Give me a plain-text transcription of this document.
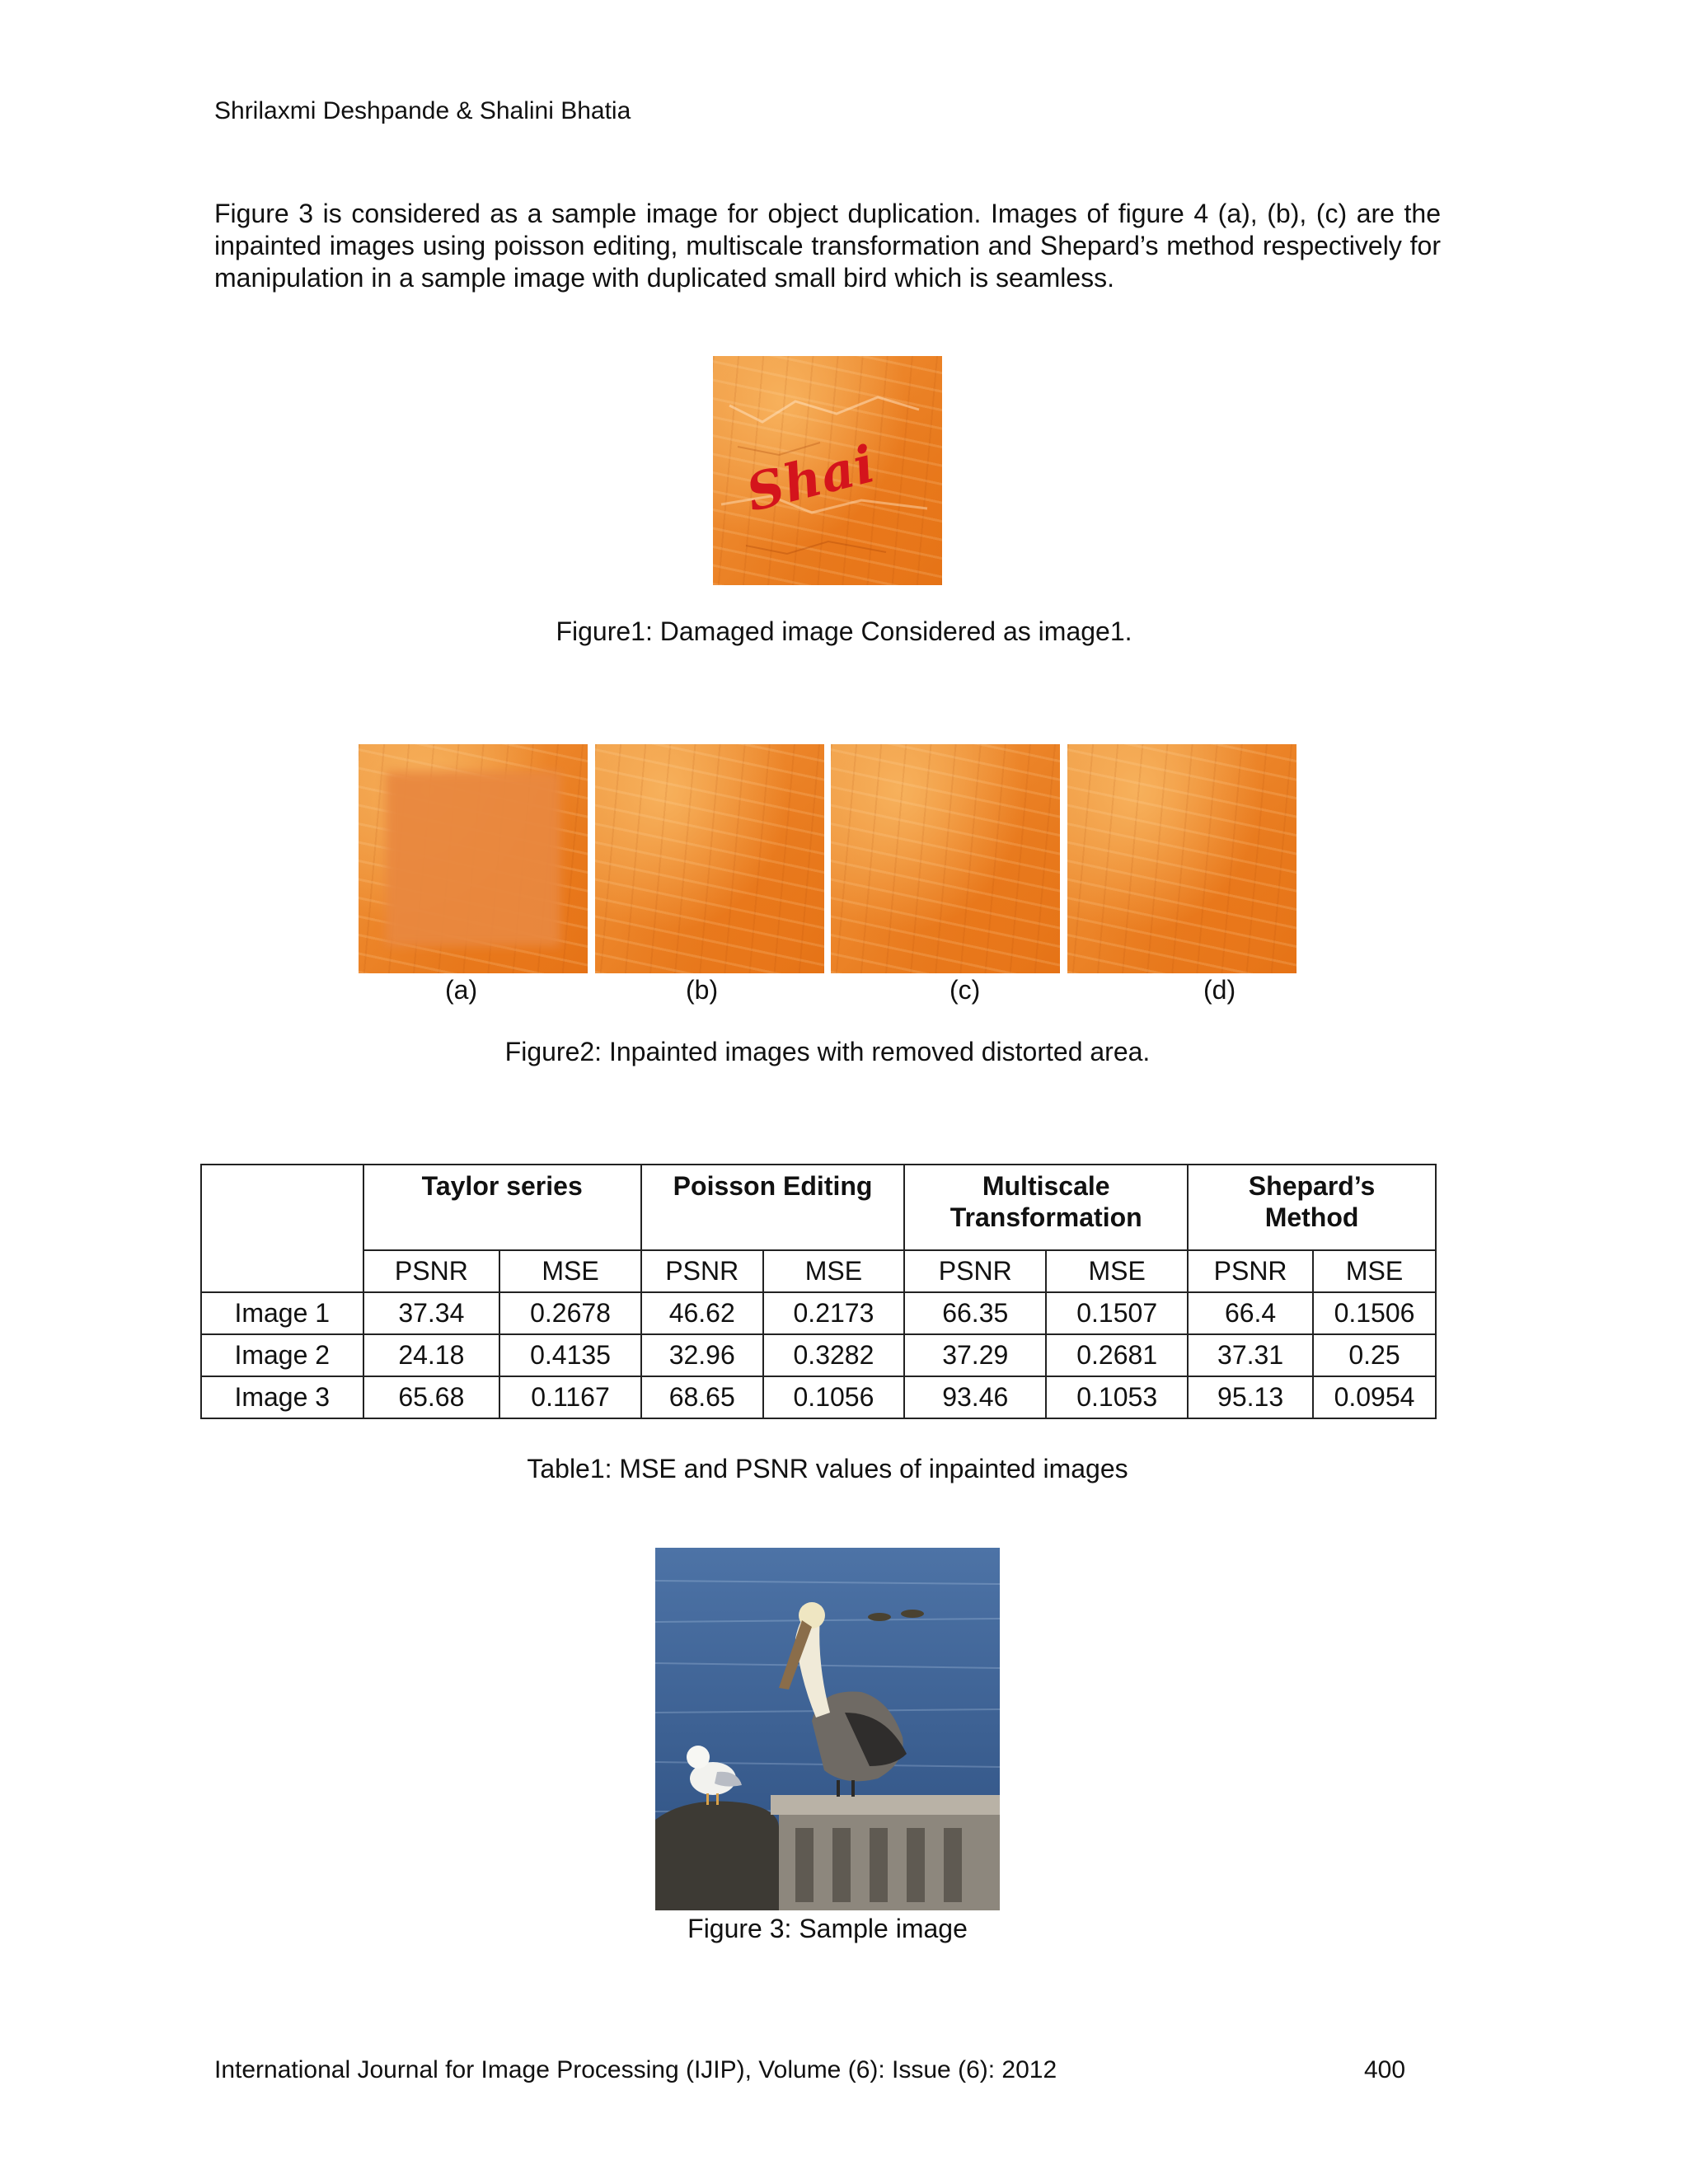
Shrilaxmi Deshpande & Shalini Bhatia
Figure 3 is considered as a sample image for object duplication. Images of figure 4 (a), (b), (c) are the inpainted images using poisson editing, multiscale transformation and Shepard’s method respectively for manipulation in a sample image with duplicated small bird which is seamless.
Shai
Figure1: Damaged image Considered as image1.
(a)	(b)	(c)	(d)
Figure2: Inpainted images with removed distorted area.
	Taylor series		Poisson Editing		Multiscale Transformation		Shepard’s Method	
	PSNR	MSE	PSNR	MSE	PSNR	MSE	PSNR	MSE
Image 1	37.34	0.2678	46.62	0.2173	66.35	0.1507	66.4	0.1506
Image 2	24.18	0.4135	32.96	0.3282	37.29	0.2681	37.31	0.25
Image 3	65.68	0.1167	68.65	0.1056	93.46	0.1053	95.13	0.0954
Table1: MSE and PSNR values of inpainted images
Figure 3: Sample image
International Journal for Image Processing (IJIP), Volume (6): Issue (6): 2012	400
